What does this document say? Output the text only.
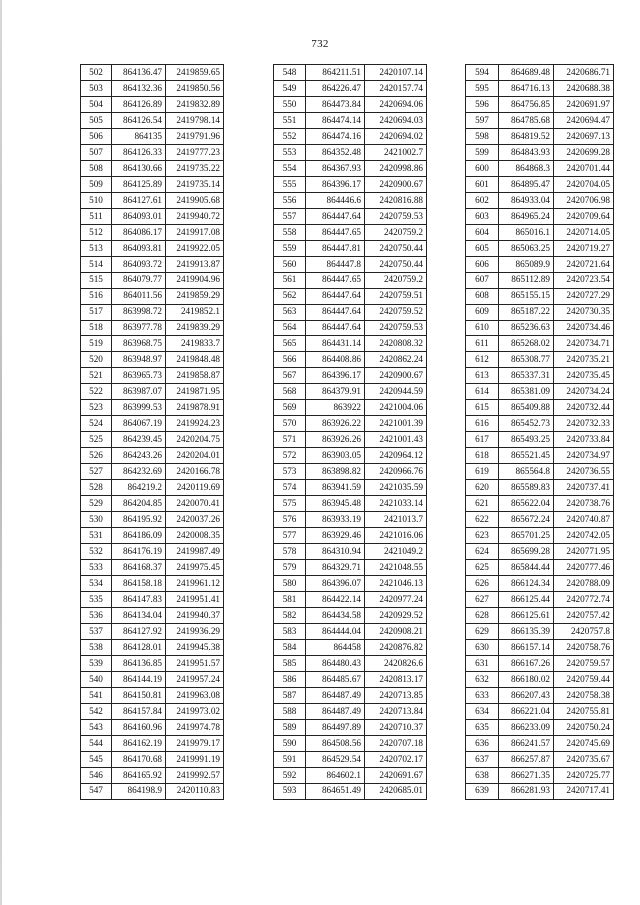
732
502	864136.47	2419859.65
503	864132.36	2419850.56
504	864126.89	2419832.89
505	864126.54	2419798.14
506	864135	2419791.96
507	864126.33	2419777.23
508	864130.66	2419735.22
509	864125.89	2419735.14
510	864127.61	2419905.68
511	864093.01	2419940.72
512	864086.17	2419917.08
513	864093.81	2419922.05
514	864093.72	2419913.87
515	864079.77	2419904.96
516	864011.56	2419859.29
517	863998.72	2419852.1
518	863977.78	2419839.29
519	863968.75	2419833.7
520	863948.97	2419848.48
521	863965.73	2419858.87
522	863987.07	2419871.95
523	863999.53	2419878.91
524	864067.19	2419924.23
525	864239.45	2420204.75
526	864243.26	2420204.01
527	864232.69	2420166.78
528	864219.2	2420119.69
529	864204.85	2420070.41
530	864195.92	2420037.26
531	864186.09	2420008.35
532	864176.19	2419987.49
533	864168.37	2419975.45
534	864158.18	2419961.12
535	864147.83	2419951.41
536	864134.04	2419940.37
537	864127.92	2419936.29
538	864128.01	2419945.38
539	864136.85	2419951.57
540	864144.19	2419957.24
541	864150.81	2419963.08
542	864157.84	2419973.02
543	864160.96	2419974.78
544	864162.19	2419979.17
545	864170.68	2419991.19
546	864165.92	2419992.57
547	864198.9	2420110.83
548	864211.51	2420107.14
549	864226.47	2420157.74
550	864473.84	2420694.06
551	864474.14	2420694.03
552	864474.16	2420694.02
553	864352.48	2421002.7
554	864367.93	2420998.86
555	864396.17	2420900.67
556	864446.6	2420816.88
557	864447.64	2420759.53
558	864447.65	2420759.2
559	864447.81	2420750.44
560	864447.8	2420750.44
561	864447.65	2420759.2
562	864447.64	2420759.51
563	864447.64	2420759.52
564	864447.64	2420759.53
565	864431.14	2420808.32
566	864408.86	2420862.24
567	864396.17	2420900.67
568	864379.91	2420944.59
569	863922	2421004.06
570	863926.22	2421001.39
571	863926.26	2421001.43
572	863903.05	2420964.12
573	863898.82	2420966.76
574	863941.59	2421035.59
575	863945.48	2421033.14
576	863933.19	2421013.7
577	863929.46	2421016.06
578	864310.94	2421049.2
579	864329.71	2421048.55
580	864396.07	2421046.13
581	864422.14	2420977.24
582	864434.58	2420929.52
583	864444.04	2420908.21
584	864458	2420876.82
585	864480.43	2420826.6
586	864485.67	2420813.17
587	864487.49	2420713.85
588	864487.49	2420713.84
589	864497.89	2420710.37
590	864508.56	2420707.18
591	864529.54	2420702.17
592	864602.1	2420691.67
593	864651.49	2420685.01
594	864689.48	2420686.71
595	864716.13	2420688.38
596	864756.85	2420691.97
597	864785.68	2420694.47
598	864819.52	2420697.13
599	864843.93	2420699.28
600	864868.3	2420701.44
601	864895.47	2420704.05
602	864933.04	2420706.98
603	864965.24	2420709.64
604	865016.1	2420714.05
605	865063.25	2420719.27
606	865089.9	2420721.64
607	865112.89	2420723.54
608	865155.15	2420727.29
609	865187.22	2420730.35
610	865236.63	2420734.46
611	865268.02	2420734.71
612	865308.77	2420735.21
613	865337.31	2420735.45
614	865381.09	2420734.24
615	865409.88	2420732.44
616	865452.73	2420732.33
617	865493.25	2420733.84
618	865521.45	2420734.97
619	865564.8	2420736.55
620	865589.83	2420737.41
621	865622.04	2420738.76
622	865672.24	2420740.87
623	865701.25	2420742.05
624	865699.28	2420771.95
625	865844.44	2420777.46
626	866124.34	2420788.09
627	866125.44	2420772.74
628	866125.61	2420757.42
629	866135.39	2420757.8
630	866157.14	2420758.76
631	866167.26	2420759.57
632	866180.02	2420759.44
633	866207.43	2420758.38
634	866221.04	2420755.81
635	866233.09	2420750.24
636	866241.57	2420745.69
637	866257.87	2420735.67
638	866271.35	2420725.77
639	866281.93	2420717.41
